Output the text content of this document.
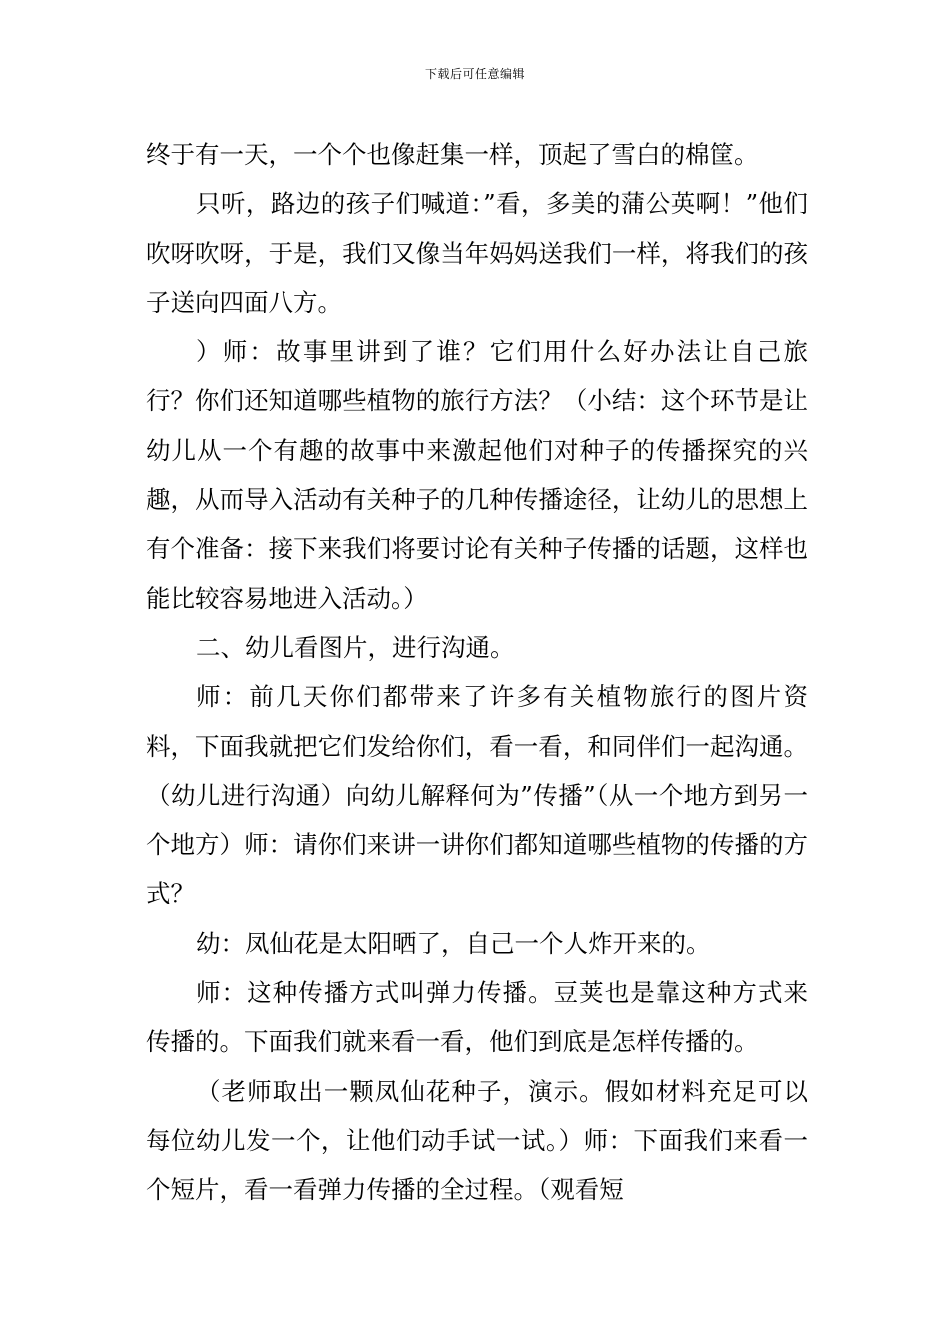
下载后可任意编辑

终于有一天，一个个也像赶集一样，顶起了雪白的棉筐。

只听，路边的孩子们喊道：”看，多美的蒲公英啊！”他们吹呀吹呀，于是，我们又像当年妈妈送我们一样，将我们的孩子送向四面八方。

）师：故事里讲到了谁？它们用什么好办法让自己旅行？你们还知道哪些植物的旅行方法？（小结：这个环节是让幼儿从一个有趣的故事中来激起他们对种子的传播探究的兴趣，从而导入活动有关种子的几种传播途径，让幼儿的思想上有个准备：接下来我们将要讨论有关种子传播的话题，这样也能比较容易地进入活动。）

二、幼儿看图片，进行沟通。

师：前几天你们都带来了许多有关植物旅行的图片资料，下面我就把它们发给你们，看一看，和同伴们一起沟通。（幼儿进行沟通）向幼儿解释何为”传播”（从一个地方到另一个地方）师：请你们来讲一讲你们都知道哪些植物的传播的方式？

幼：凤仙花是太阳晒了，自己一个人炸开来的。

师：这种传播方式叫弹力传播。豆荚也是靠这种方式来传播的。下面我们就来看一看，他们到底是怎样传播的。

（老师取出一颗凤仙花种子，演示。假如材料充足可以每位幼儿发一个，让他们动手试一试。）师：下面我们来看一个短片，看一看弹力传播的全过程。（观看短
